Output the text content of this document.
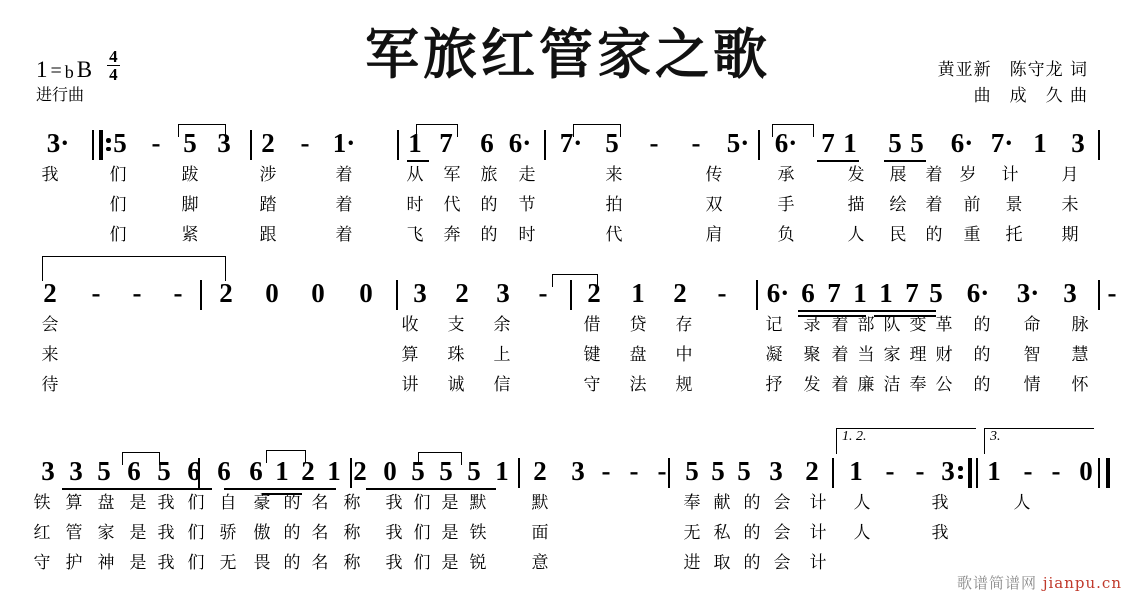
军旅红管家之歌
1 = b B $\frac{4}{4}$
进行曲
黄亚新　陈守龙 词
曲　成　久 曲
3· 5 - 5 3 2 - 1· 1 7 6 6· 7· 5 - - 5· 6· 7 1 5 5 6· 7· 1 3
我	们	跋	涉	着	从 军 旅 走	来	传	承	发 展 着 岁 计	月
们	脚	踏	着	时 代 的 节	拍	双	手	描 绘 着 前 景 未
们	紧	跟	着	飞 奔 的 时	代	肩	负	人 民 的 重 托 期
2 - - - 2 0 0 0 3 2 3 - 2 1 2 - 6· 6 7 1 1 7 5 6· 3· 3 -
会	收 支 余	借 贷 存	记 录 着 部 队 变 革 的 命 脉
来	算 珠 上	键 盘 中	凝 聚 着 当 家 理 财 的 智 慧
待	讲 诚 信	守 法 规	抒 发 着 廉 洁 奉 公 的 情 怀
1. 2.	3.
3 3 5 6 5 6 6 6 1 2 1 2 0 5 5 5 1 2 3 - - - 5 5 5 3 2 1 - - 3 1 - - 0
铁 算 盘 是 我 们 自 豪 的 名 称 我 们 是 默	默	奉 献 的 会 计 人	我	人
红 管 家 是 我 们 骄 傲 的 名 称 我 们 是 铁	面	无 私 的 会 计 人	我
守 护 神 是 我 们 无 畏 的 名 称 我 们 是 锐	意	进 取 的 会 计
歌谱简谱网 jianpu.cn
